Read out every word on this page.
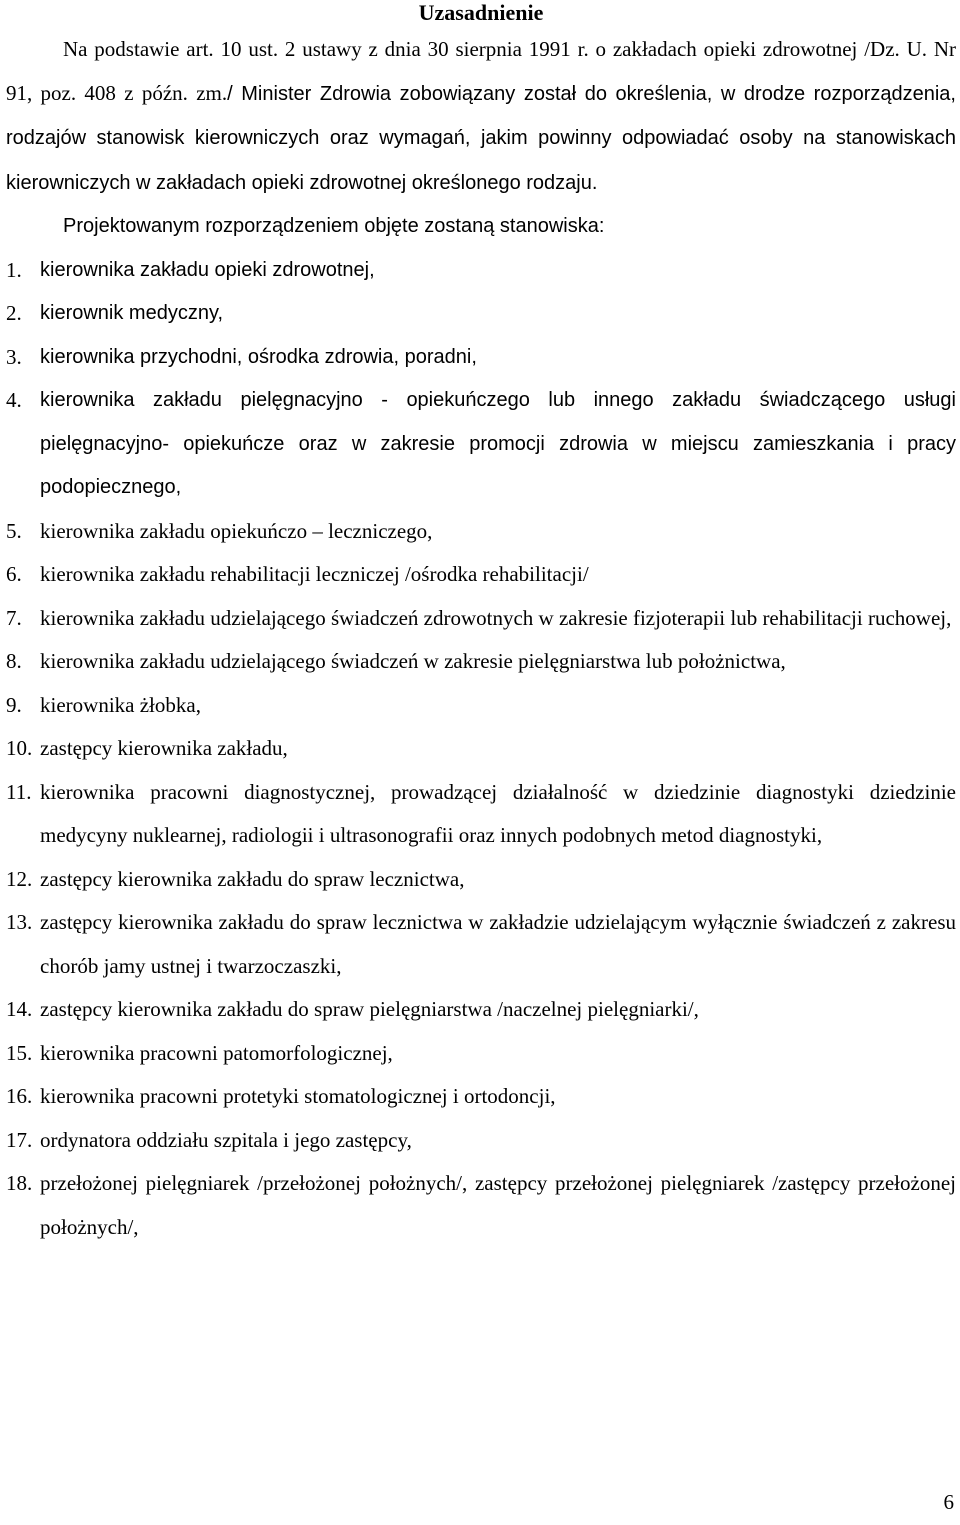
Uzasadnienie

Na podstawie art. 10 ust. 2 ustawy z dnia 30 sierpnia 1991 r. o zakładach opieki zdrowotnej /Dz. U. Nr 91, poz. 408 z późn. zm./ Minister Zdrowia zobowiązany został do określenia, w drodze rozporządzenia, rodzajów stanowisk kierowniczych oraz wymagań, jakim powinny odpowiadać osoby na stanowiskach kierowniczych w zakładach opieki zdrowotnej określonego rodzaju.

Projektowanym rozporządzeniem objęte zostaną stanowiska:

1. kierownika zakładu opieki zdrowotnej,
2. kierownik medyczny,
3. kierownika przychodni, ośrodka zdrowia, poradni,
4. kierownika zakładu pielęgnacyjno - opiekuńczego lub innego zakładu świadczącego usługi pielęgnacyjno- opiekuńcze oraz w zakresie promocji zdrowia w miejscu zamieszkania i pracy podopiecznego,
5. kierownika zakładu opiekuńczo – leczniczego,
6. kierownika zakładu rehabilitacji leczniczej /ośrodka rehabilitacji/
7. kierownika zakładu udzielającego świadczeń zdrowotnych w zakresie fizjoterapii lub rehabilitacji ruchowej,
8. kierownika zakładu udzielającego świadczeń w zakresie pielęgniarstwa lub położnictwa,
9. kierownika żłobka,
10. zastępcy kierownika zakładu,
11. kierownika pracowni diagnostycznej, prowadzącej działalność w dziedzinie diagnostyki dziedzinie medycyny nuklearnej, radiologii i ultrasonografii oraz innych podobnych metod diagnostyki,
12. zastępcy kierownika zakładu do spraw lecznictwa,
13. zastępcy kierownika zakładu do spraw lecznictwa w zakładzie udzielającym wyłącznie świadczeń z zakresu chorób jamy ustnej i twarzoczaszki,
14. zastępcy kierownika zakładu do spraw pielęgniarstwa /naczelnej pielęgniarki/,
15. kierownika pracowni patomorfologicznej,
16. kierownika pracowni protetyki stomatologicznej i ortodoncji,
17. ordynatora oddziału szpitala i jego zastępcy,
18. przełożonej pielęgniarek /przełożonej położnych/, zastępcy przełożonej pielęgniarek /zastępcy przełożonej położnych/,
6
